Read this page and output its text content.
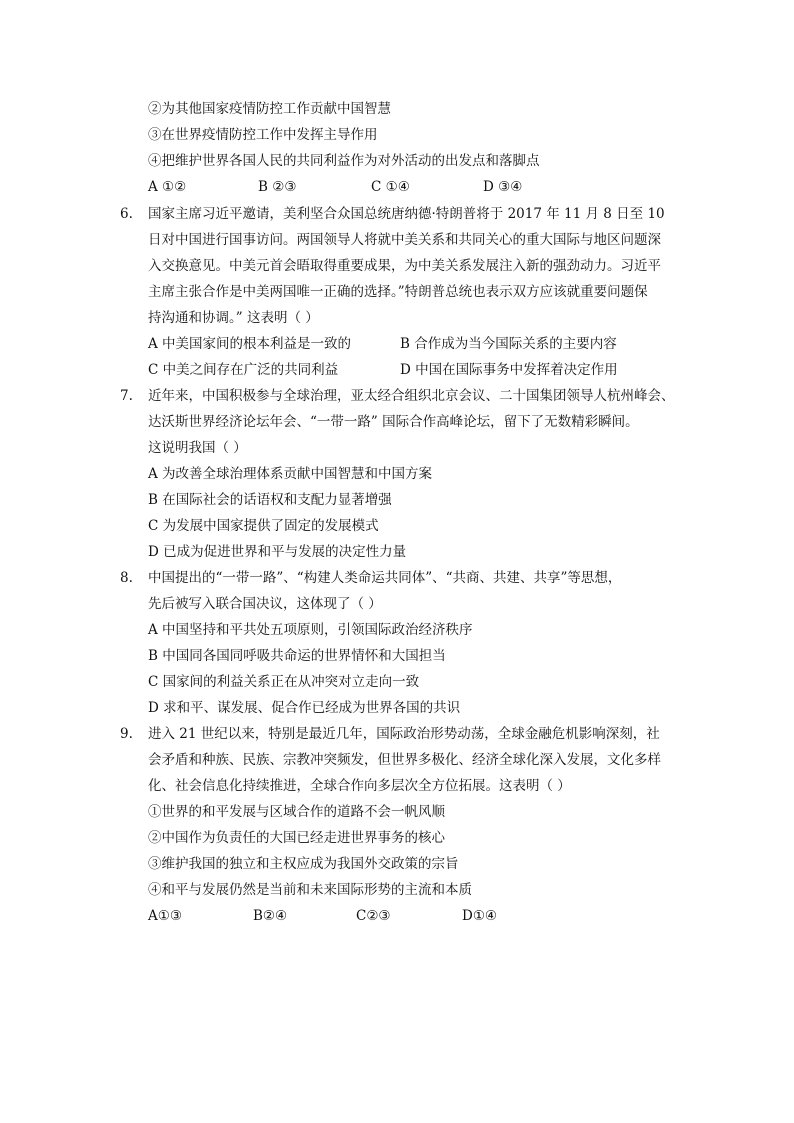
②为其他国家疫情防控工作贡献中国智慧
③在世界疫情防控工作中发挥主导作用
④把维护世界各国人民的共同利益作为对外活动的出发点和落脚点
A ①②	B ②③	C ①④	D ③④
6. 国家主席习近平邀请，美利坚合众国总统唐纳德·特朗普将于 2017 年 11 月 8 日至 10
日对中国进行国事访问。两国领导人将就中美关系和共同关心的重大国际与地区问题深
入交换意见。中美元首会晤取得重要成果，为中美关系发展注入新的强劲动力。习近平
主席主张合作是中美两国唯一正确的选择。”特朗普总统也表示双方应该就重要问题保
持沟通和协调。” 这表明（ ）
A 中美国家间的根本利益是一致的	B 合作成为当今国际关系的主要内容
C 中美之间存在广泛的共同利益	D 中国在国际事务中发挥着决定作用
7. 近年来，中国积极参与全球治理，亚太经合组织北京会议、二十国集团领导人杭州峰会、
达沃斯世界经济论坛年会、“一带一路” 国际合作高峰论坛，留下了无数精彩瞬间。
这说明我国（ ）
A 为改善全球治理体系贡献中国智慧和中国方案
B 在国际社会的话语权和支配力显著增强
C 为发展中国家提供了固定的发展模式
D 已成为促进世界和平与发展的决定性力量
8. 中国提出的“一带一路”、“构建人类命运共同体”、“共商、共建、共享”等思想，
先后被写入联合国决议，这体现了（ ）
A 中国坚持和平共处五项原则，引领国际政治经济秩序
B 中国同各国同呼吸共命运的世界情怀和大国担当
C 国家间的利益关系正在从冲突对立走向一致
D 求和平、谋发展、促合作已经成为世界各国的共识
9. 进入 21 世纪以来，特别是最近几年，国际政治形势动荡，全球金融危机影响深刻，社
会矛盾和种族、民族、宗教冲突频发，但世界多极化、经济全球化深入发展，文化多样
化、社会信息化持续推进，全球合作向多层次全方位拓展。这表明（ ）
①世界的和平发展与区域合作的道路不会一帆风顺
②中国作为负责任的大国已经走进世界事务的核心
③维护我国的独立和主权应成为我国外交政策的宗旨
④和平与发展仍然是当前和未来国际形势的主流和本质
A①③	B②④	C②③	D①④
